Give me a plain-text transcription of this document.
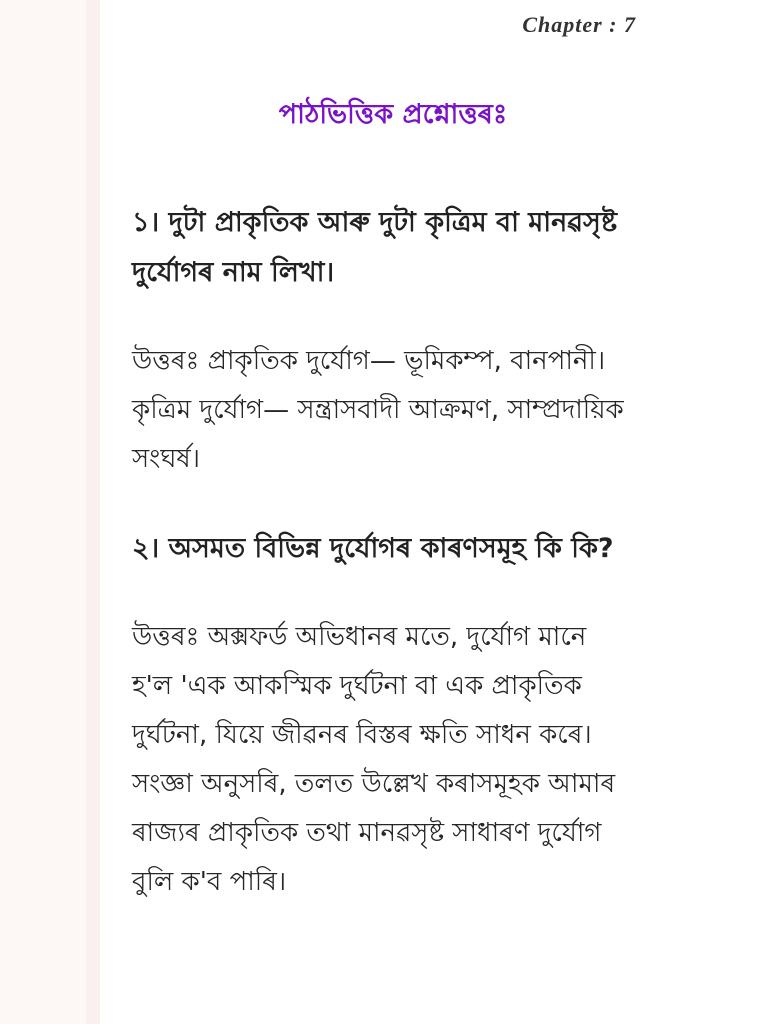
Chapter : 7
পাঠভিত্তিক প্ৰশ্নোত্তৰঃ
১। দুটা প্ৰাকৃতিক আৰু দুটা কৃত্ৰিম বা মানৱসৃষ্ট দুৰ্যোগৰ নাম লিখা।
উত্তৰঃ প্ৰাকৃতিক দুৰ্যোগ— ভূমিকম্প, বানপানী। কৃত্ৰিম দুৰ্যোগ— সন্ত্ৰাসবাদী আক্ৰমণ, সাম্প্ৰদায়িক সংঘৰ্ষ।
২। অসমত বিভিন্ন দুৰ্যোগৰ কাৰণসমূহ কি কি?
উত্তৰঃ অক্সফৰ্ড অভিধানৰ মতে, দুৰ্যোগ মানে হ'ল 'এক আকস্মিক দুৰ্ঘটনা বা এক প্ৰাকৃতিক দুৰ্ঘটনা, যিয়ে জীৱনৰ বিস্তৰ ক্ষতি সাধন কৰে। সংজ্ঞা অনুসৰি, তলত উল্লেখ কৰাসমূহক আমাৰ ৰাজ্যৰ প্ৰাকৃতিক তথা মানৱসৃষ্ট সাধাৰণ দুৰ্যোগ বুলি ক'ব পাৰি।
